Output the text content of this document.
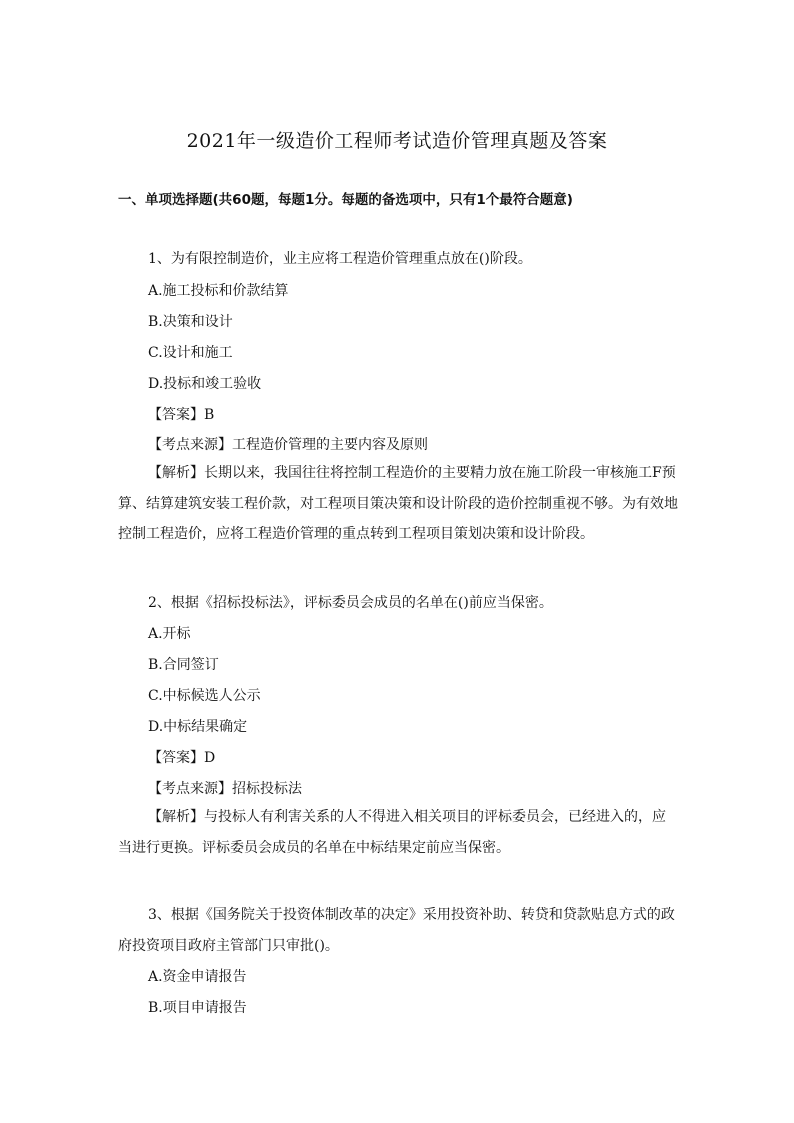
2021年一级造价工程师考试造价管理真题及答案
一、单项选择题(共60题，每题1分。每题的备选项中，只有1个最符合题意)
1、为有限控制造价，业主应将工程造价管理重点放在()阶段。
A.施工投标和价款结算
B.决策和设计
C.设计和施工
D.投标和竣工验收
【答案】B
【考点来源】工程造价管理的主要内容及原则
【解析】长期以来，我国往往将控制工程造价的主要精力放在施工阶段一审核施工F预算、结算建筑安装工程价款，对工程项目策决策和设计阶段的造价控制重视不够。为有效地控制工程造价，应将工程造价管理的重点转到工程项目策划决策和设计阶段。
2、根据《招标投标法》，评标委员会成员的名单在()前应当保密。
A.开标
B.合同签订
C.中标候选人公示
D.中标结果确定
【答案】D
【考点来源】招标投标法
【解析】与投标人有利害关系的人不得进入相关项目的评标委员会，已经进入的，应当进行更换。评标委员会成员的名单在中标结果定前应当保密。
3、根据《国务院关于投资体制改革的决定》采用投资补助、转贷和贷款贴息方式的政府投资项目政府主管部门只审批()。
A.资金申请报告
B.项目申请报告
